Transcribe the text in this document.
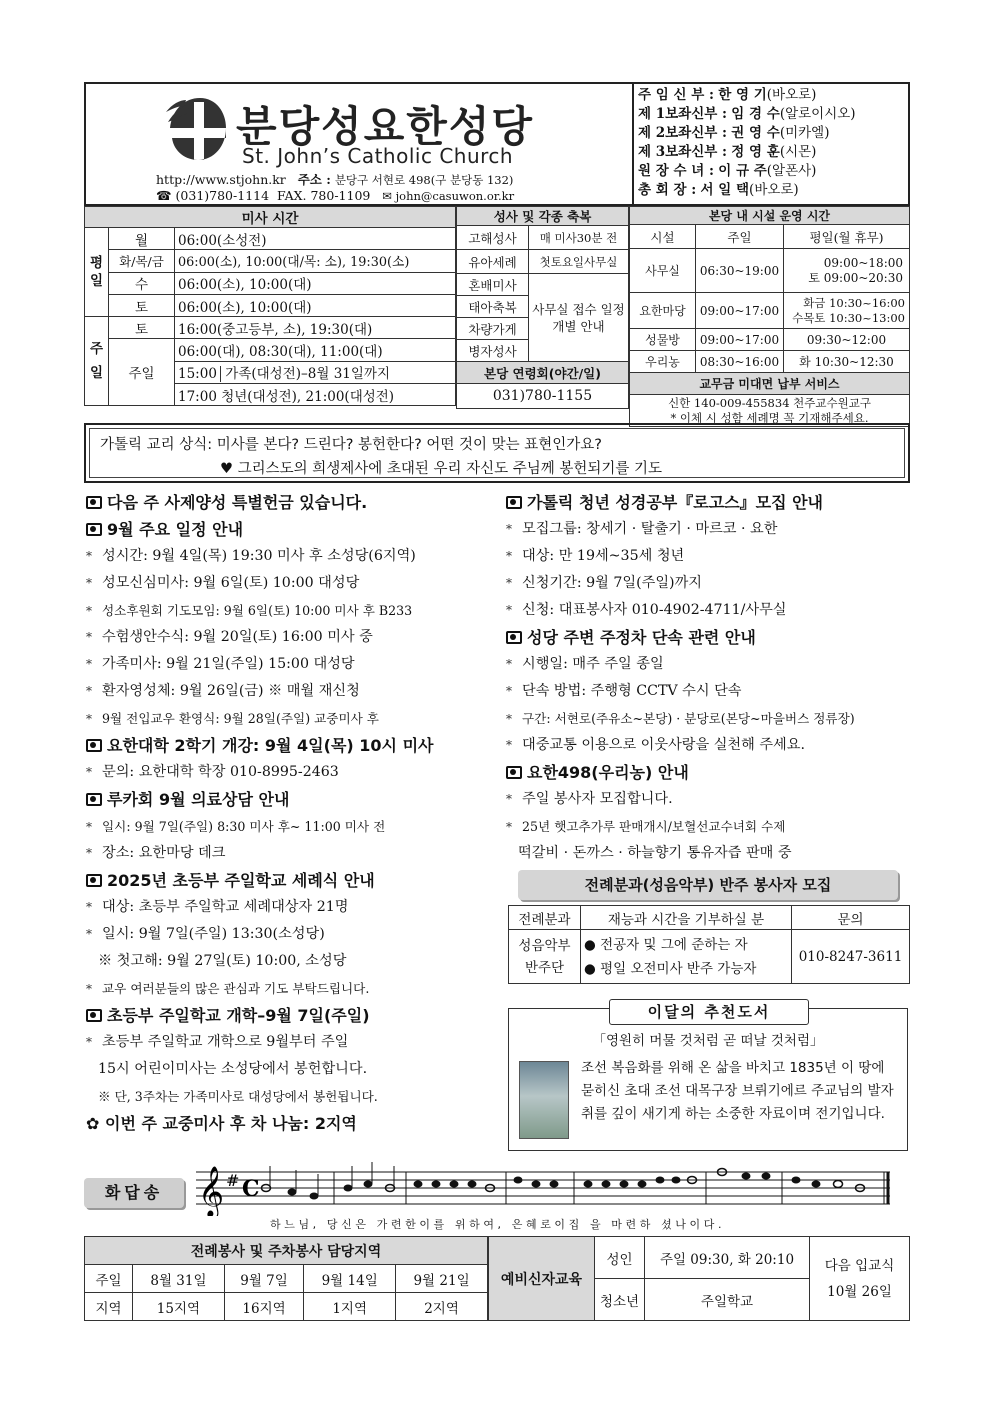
분당성요한성당
St. John’s Catholic Church
http://www.stjohn.kr 주소 : 분당구 서현로 498(구 분당동 132)
☎ (031)780-1114 FAX. 780-1109 ✉ john@casuwon.or.kr
주 임 신 부 : 한 영 기(바오로)
제 1보좌신부 : 임 경 수(알로이시오)
제 2보좌신부 : 권 영 수(미카엘)
제 3보좌신부 : 정 영 훈(시몬)
원 장 수 녀 : 이 규 주(알폰사)
총 회 장 : 서 일 택(바오로)
미사 시간		
평일	월	06:00(소성전)
	화/목/금	06:00(소), 10:00(대/목: 소), 19:30(소)
	수	06:00(소), 10:00(대)
	토	06:00(소), 10:00(대)
주일	토	16:00(중고등부, 소), 19:30(대)
	주일	06:00(대), 08:30(대), 11:00(대)
		15:00 가족(대성전)–8월 31일까지
		17:00 청년(대성전), 21:00(대성전)
성사 및 각종 축복	
고해성사	매 미사30분 전
유아세례	첫토요일사무실
혼배미사	사무실 접수 일정 개별 안내
태아축복	
차량가게	
병자성사	
본당 연령회(야간/일)	
031)780-1155	
본당 내 시설 운영 시간		
시설	주일	평일(월 휴무)
사무실	06:30~19:00	09:00~18:00
토 09:00~20:30

요한마당	09:00~17:00	화금 10:30~16:00
수목토 10:30~13:00

성물방	09:00~17:00	09:30~12:00
우리농	08:30~16:00	화 10:30~12:30
교무금 미대면 납부 서비스		

신한 140-009-455834 천주교수원교구
* 이체 시 성함 세례명 꼭 기재해주세요.		
가톨릭 교리 상식: 미사를 본다? 드린다? 봉헌한다? 어떤 것이 맞는 표현인가요?
♥ 그리스도의 희생제사에 초대된 우리 자신도 주님께 봉헌되기를 기도
다음 주 사제양성 특별헌금 있습니다.
9월 주요 일정 안내
* 성시간: 9월 4일(목) 19:30 미사 후 소성당(6지역)
* 성모신심미사: 9월 6일(토) 10:00 대성당
* 성소후원회 기도모임: 9월 6일(토) 10:00 미사 후 B233
* 수험생안수식: 9월 20일(토) 16:00 미사 중
* 가족미사: 9월 21일(주일) 15:00 대성당
* 환자영성체: 9월 26일(금) ※ 매월 재신청
* 9월 전입교우 환영식: 9월 28일(주일) 교중미사 후
요한대학 2학기 개강: 9월 4일(목) 10시 미사
* 문의: 요한대학 학장 010-8995-2463
루카회 9월 의료상담 안내
* 일시: 9월 7일(주일) 8:30 미사 후~ 11:00 미사 전
* 장소: 요한마당 데크
2025년 초등부 주일학교 세례식 안내
* 대상: 초등부 주일학교 세례대상자 21명
* 일시: 9월 7일(주일) 13:30(소성당)
※ 첫고해: 9월 27일(토) 10:00, 소성당
* 교우 여러분들의 많은 관심과 기도 부탁드립니다.
초등부 주일학교 개학–9월 7일(주일)
* 초등부 주일학교 개학으로 9월부터 주일
15시 어린이미사는 소성당에서 봉헌합니다.
※ 단, 3주차는 가족미사로 대성당에서 봉헌됩니다.
✿ 이번 주 교중미사 후 차 나눔: 2지역
가톨릭 청년 성경공부『로고스』모집 안내
* 모집그룹: 창세기 · 탈출기 · 마르코 · 요한
* 대상: 만 19세~35세 청년
* 신청기간: 9월 7일(주일)까지
* 신청: 대표봉사자 010-4902-4711/사무실
성당 주변 주정차 단속 관련 안내
* 시행일: 매주 주일 종일
* 단속 방법: 주행형 CCTV 수시 단속
* 구간: 서현로(주유소~본당) · 분당로(본당~마을버스 정류장)
* 대중교통 이용으로 이웃사랑을 실천해 주세요.
요한498(우리농) 안내
* 주일 봉사자 모집합니다.
* 25년 햇고추가루 판매개시/보혈선교수녀회 수제
떡갈비 · 돈까스 · 하늘향기 통유자즙 판매 중
전례분과(성음악부) 반주 봉사자 모집
전례분과	재능과 시간을 기부하실 분	문의
성음악부 반주단	● 전공자 및 그에 준하는 자
● 평일 오전미사 반주 가능자	010-8247-3611
이달의 추천도서
「영원히 머물 것처럼 곧 떠날 것처럼」
조선 복음화를 위해 온 삶을 바치고 1835년 이 땅에 묻히신 초대 조선 대목구장 브뤼기에르 주교님의 발자취를 깊이 새기게 하는 소중한 자료이며 전기입니다.
화답송 𝄞 # C
하느님, 당신은 가련한이를 위하여, 은혜로이집 을 마련하 셨나이다.
전례봉사 및 주차봉사 담당지역				
주일	8월 31일	9월 7일	9월 14일	9월 21일
지역	15지역	16지역	1지역	2지역
예비신자교육	성인	주일 09:30, 화 20:10	다음 입교식
10월 26일

	청소년	주일학교	
